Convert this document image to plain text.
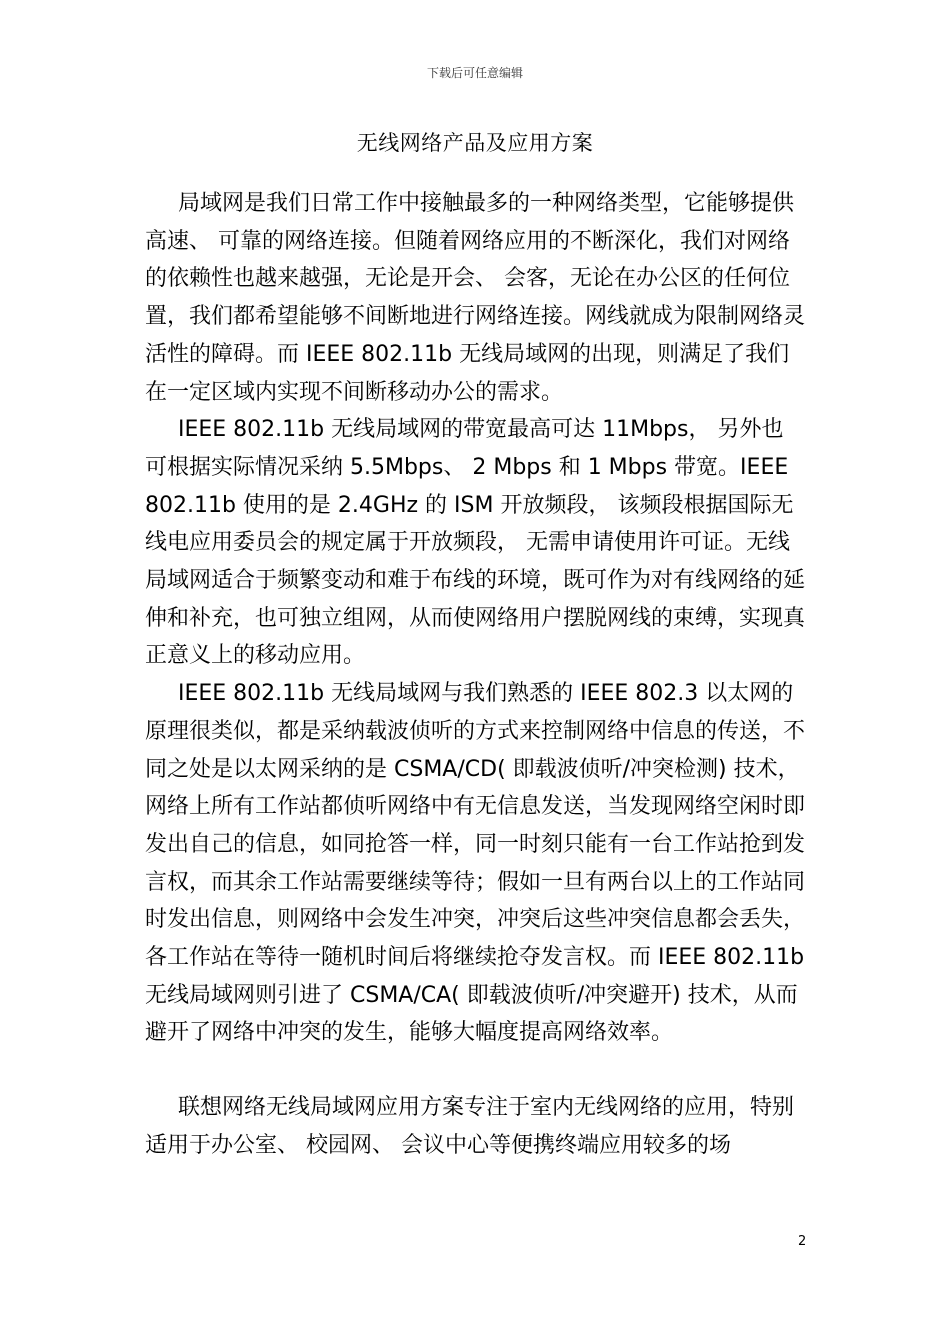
下载后可任意编辑
无线网络产品及应用方案

局域网是我们日常工作中接触最多的一种网络类型，它能够提供高速、 可靠的网络连接。但随着网络应用的不断深化，我们对网络的依赖性也越来越强，无论是开会、 会客，无论在办公区的任何位置，我们都希望能够不间断地进行网络连接。网线就成为限制网络灵活性的障碍。而 IEEE 802.11b 无线局域网的出现，则满足了我们在一定区域内实现不间断移动办公的需求。

IEEE 802.11b 无线局域网的带宽最高可达 11Mbps， 另外也可根据实际情况采纳 5.5Mbps、 2 Mbps 和 1 Mbps 带宽。IEEE 802.11b 使用的是 2.4GHz 的 ISM 开放频段， 该频段根据国际无线电应用委员会的规定属于开放频段， 无需申请使用许可证。无线局域网适合于频繁变动和难于布线的环境，既可作为对有线网络的延伸和补充，也可独立组网，从而使网络用户摆脱网线的束缚，实现真正意义上的移动应用。

IEEE 802.11b 无线局域网与我们熟悉的 IEEE 802.3 以太网的原理很类似，都是采纳载波侦听的方式来控制网络中信息的传送，不同之处是以太网采纳的是 CSMA/CD( 即载波侦听/冲突检测) 技术，网络上所有工作站都侦听网络中有无信息发送，当发现网络空闲时即发出自己的信息，如同抢答一样，同一时刻只能有一台工作站抢到发言权，而其余工作站需要继续等待；假如一旦有两台以上的工作站同时发出信息，则网络中会发生冲突，冲突后这些冲突信息都会丢失，各工作站在等待一随机时间后将继续抢夺发言权。而 IEEE 802.11b 无线局域网则引进了 CSMA/CA( 即载波侦听/冲突避开) 技术，从而避开了网络中冲突的发生，能够大幅度提高网络效率。

联想网络无线局域网应用方案专注于室内无线网络的应用，特别适用于办公室、 校园网、 会议中心等便携终端应用较多的场

2
